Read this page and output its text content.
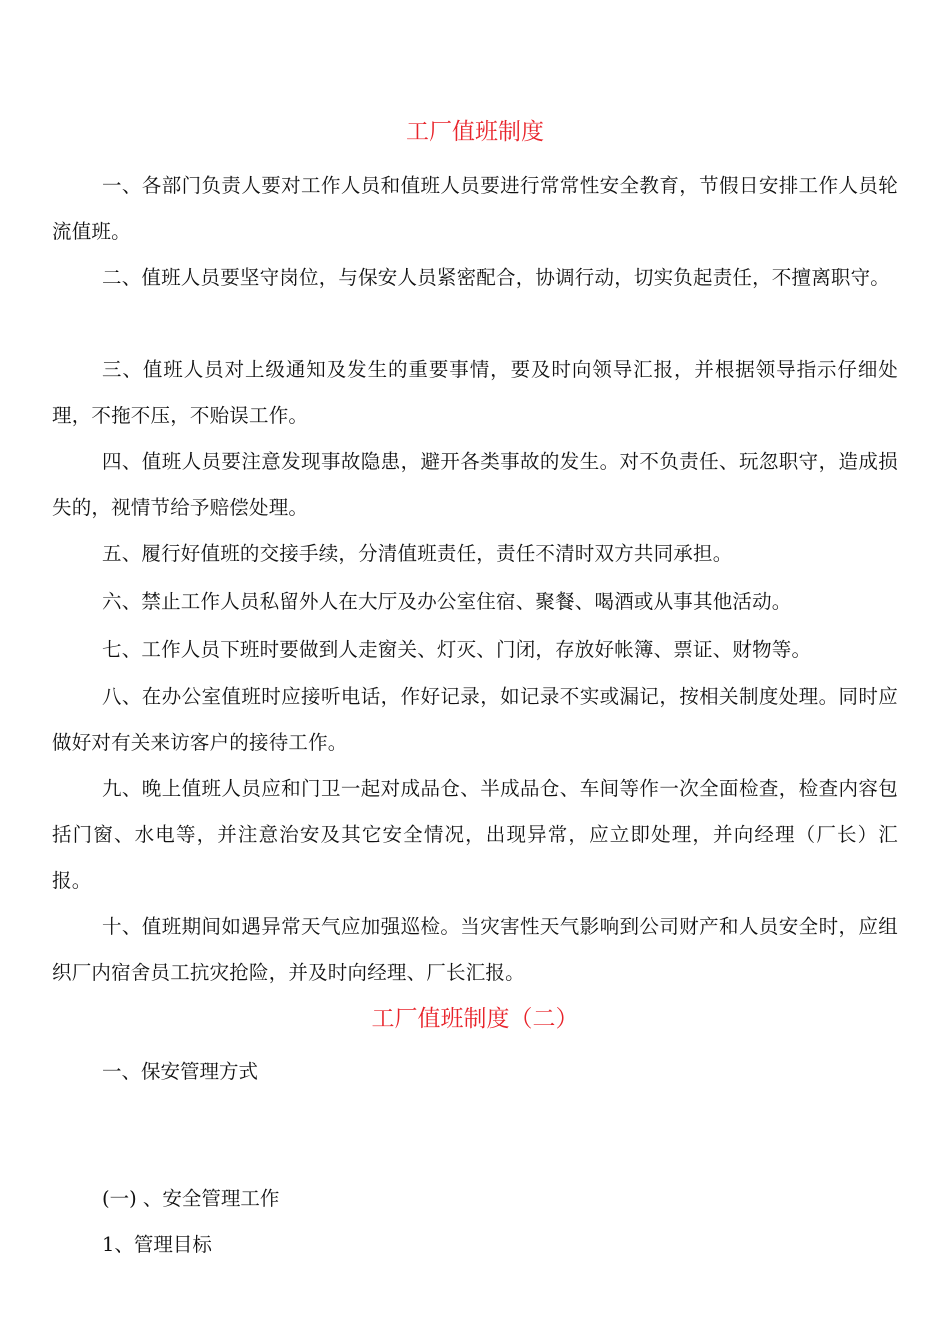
工厂值班制度

一、各部门负责人要对工作人员和值班人员要进行常常性安全教育，节假日安排工作人员轮流值班。

二、值班人员要坚守岗位，与保安人员紧密配合，协调行动，切实负起责任，不擅离职守。

三、值班人员对上级通知及发生的重要事情，要及时向领导汇报，并根据领导指示仔细处理，不拖不压，不贻误工作。

四、值班人员要注意发现事故隐患，避开各类事故的发生。对不负责任、玩忽职守，造成损失的，视情节给予赔偿处理。

五、履行好值班的交接手续，分清值班责任，责任不清时双方共同承担。

六、禁止工作人员私留外人在大厅及办公室住宿、聚餐、喝酒或从事其他活动。

七、工作人员下班时要做到人走窗关、灯灭、门闭，存放好帐簿、票证、财物等。

八、在办公室值班时应接听电话，作好记录，如记录不实或漏记，按相关制度处理。同时应做好对有关来访客户的接待工作。

九、晚上值班人员应和门卫一起对成品仓、半成品仓、车间等作一次全面检查，检查内容包括门窗、水电等，并注意治安及其它安全情况，出现异常，应立即处理，并向经理（厂长）汇报。

十、值班期间如遇异常天气应加强巡检。当灾害性天气影响到公司财产和人员安全时，应组织厂内宿舍员工抗灾抢险，并及时向经理、厂长汇报。

工厂值班制度（二）

一、保安管理方式

(一) 、安全管理工作

1、管理目标
